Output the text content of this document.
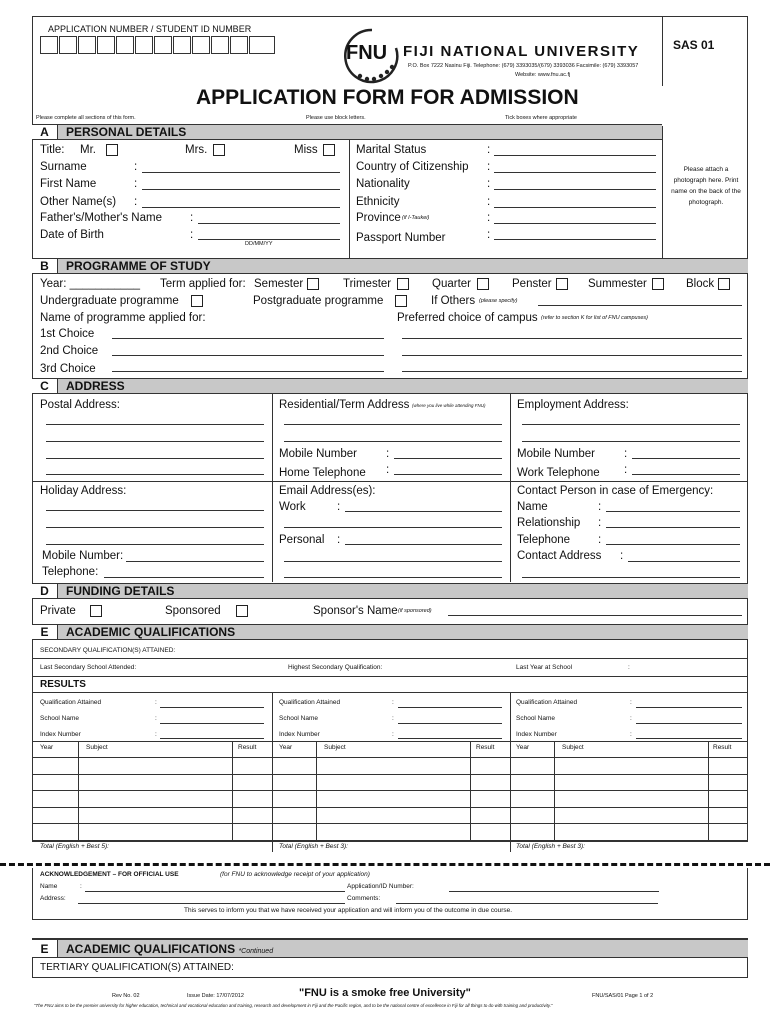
APPLICATION NUMBER / STUDENT ID NUMBER
FNU FIJI NATIONAL UNIVERSITY
P.O. Box 7222 Nasinu Fiji. Telephone: (679) 3393035/(679) 3393036 Facsimile: (679) 3393057
Website: www.fnu.ac.fj
SAS 01
APPLICATION FORM FOR ADMISSION
Please complete all sections of this form.	Please use block letters.	Tick boxes where appropriate
A	PERSONAL DETAILS
Please attach a photograph here. Print name on the back of the photograph.
Title: Mr.	Mrs.	Miss
Surname	:
First Name	:
Other Name(s) :
Father's/Mother's Name :
Date of Birth	:
DD/MM/YY
Marital Status	:
Country of Citizenship :
Nationality	:
Ethnicity	:
Province (if I-Taukei)	:
Passport Number	:
B	PROGRAMME OF STUDY
Year: ___________ Term applied for: Semester	Trimester	Quarter	Penster	Summester	Block
Undergraduate programme	Postgraduate programme	If Others (please specify)
Name of programme applied for:	Preferred choice of campus (refer to section K for list of FNU campuses)
1st Choice
2nd Choice
3rd Choice
C	ADDRESS
Postal Address:	Residential/Term Address (where you live while attending FNU)
Mobile Number	:
Home Telephone :
Employment Address:
Mobile Number	:
Work Telephone :
Holiday Address:
Mobile Number:
Telephone:
Email Address(es):
Work	:
Personal :
Contact Person in case of Emergency:
Name	:
Relationship :
Telephone :
Contact Address :
D	FUNDING DETAILS
Private	Sponsored	Sponsor's Name (if sponsored)
E	ACADEMIC QUALIFICATIONS
SECONDARY QUALIFICATION(S) ATTAINED:
Last Secondary School Attended:	Highest Secondary Qualification:	Last Year at School	:
RESULTS
Qualification Attained	:
School Name	:
Index Number	:
Qualification Attained	:
School Name	:
Index Number	:
Qualification Attained	:
School Name	:
Index Number	:
Year	Subject	Result	Year	Subject	Result	Year	Subject	Result
Total (English + Best 5):	Total (English + Best 3):	Total (English + Best 3):
ACKNOWLEDGEMENT – FOR OFFICIAL USE	(for FNU to acknowledge receipt of your application)
Name	:	Application/ID Number:
Address:	Comments:
This serves to inform you that we have received your application and will inform you of the outcome in due course.
E	ACADEMIC QUALIFICATIONS *Continued
TERTIARY QUALIFICATION(S) ATTAINED:
Rev No. 02	Issue Date: 17/07/2012	"FNU is a smoke free University"	FNU/SAS/01 Page 1 of 2
"The FNU aims to be the premier university for higher education, technical and vocational education and training, research and development in Fiji and the Pacific region, and to be the national centre of excellence in Fiji for all things to do with training and productivity."
